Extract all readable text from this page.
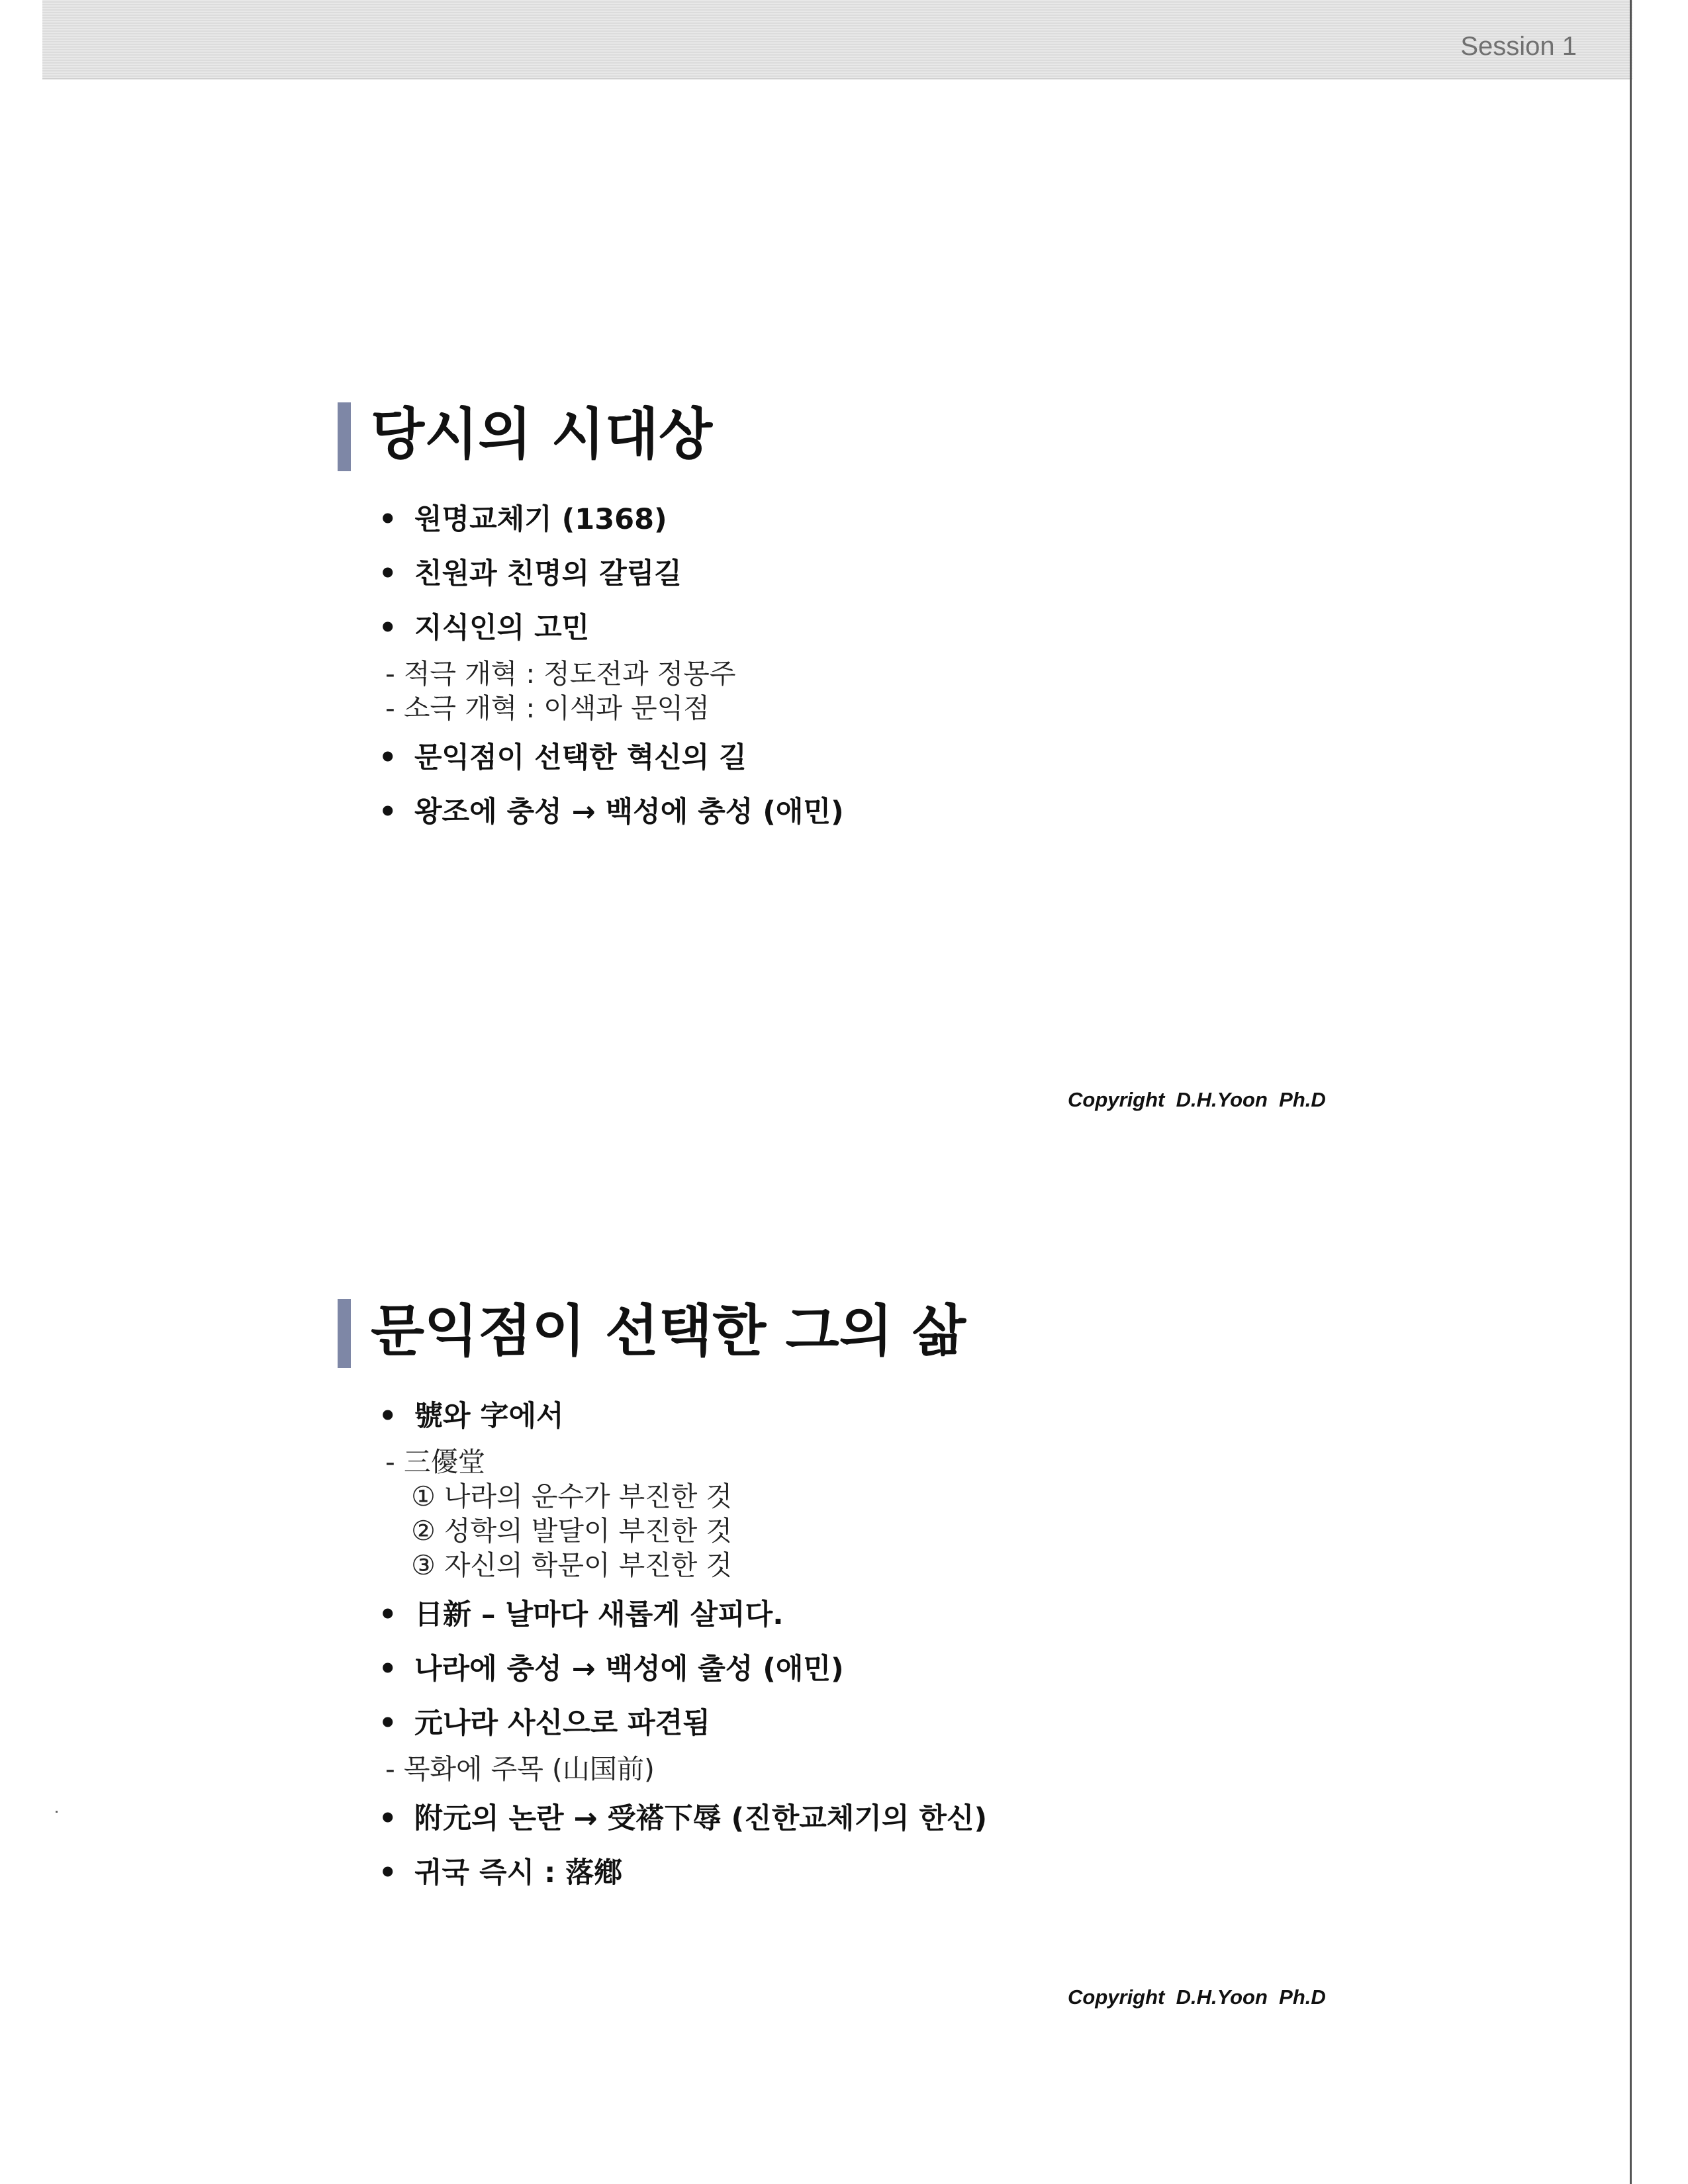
Session 1
당시의 시대상
• 원명교체기 (1368)
• 친원과 친명의 갈림길
• 지식인의 고민
- 적극 개혁 : 정도전과 정몽주
- 소극 개혁 : 이색과 문익점
• 문익점이 선택한 혁신의 길
• 왕조에 충성 → 백성에 충성 (애민)
Copyright  D.H.Yoon  Ph.D
문익점이 선택한 그의 삶
• 號와 字에서
- 三優堂
① 나라의 운수가 부진한 것
② 성학의 발달이 부진한 것
③ 자신의 학문이 부진한 것
• 日新 – 날마다 새롭게 살피다.
• 나라에 충성 → 백성에 출성 (애민)
• 元나라 사신으로 파견됨
- 목화에 주목 (山国前)
• 附元의 논란 → 受褡下辱 (진한교체기의 한신)
• 귀국 즉시 : 落鄕
Copyright  D.H.Yoon  Ph.D
